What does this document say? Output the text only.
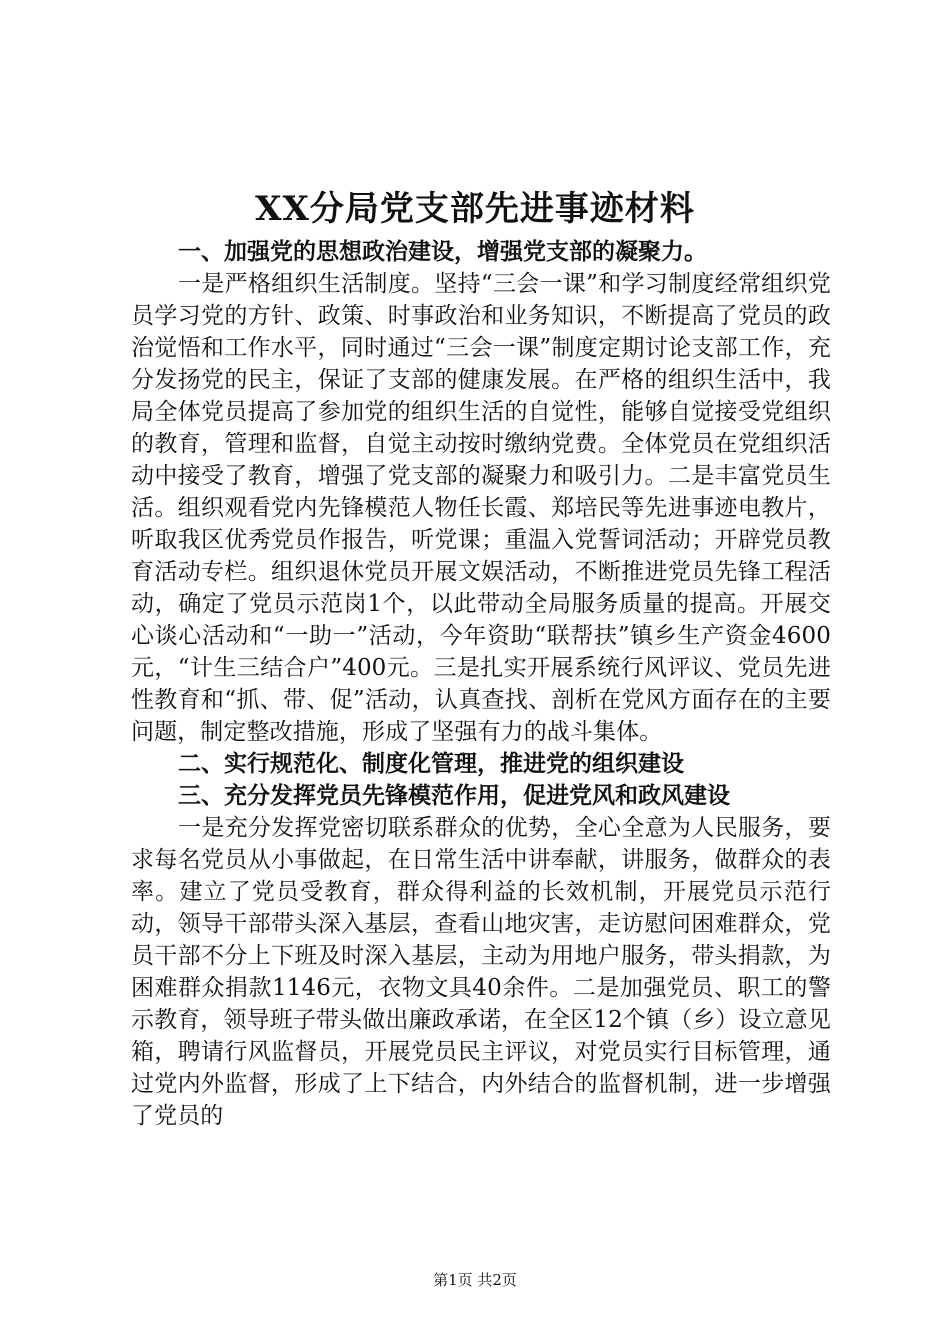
XX分局党支部先进事迹材料
一、加强党的思想政治建设，增强党支部的凝聚力。

一是严格组织生活制度。坚持“三会一课”和学习制度经常组织党员学习党的方针、政策、时事政治和业务知识，不断提高了党员的政治觉悟和工作水平，同时通过“三会一课”制度定期讨论支部工作，充分发扬党的民主，保证了支部的健康发展。在严格的组织生活中，我局全体党员提高了参加党的组织生活的自觉性，能够自觉接受党组织的教育，管理和监督，自觉主动按时缴纳党费。全体党员在党组织活动中接受了教育，增强了党支部的凝聚力和吸引力。二是丰富党员生活。组织观看党内先锋模范人物任长霞、郑培民等先进事迹电教片，听取我区优秀党员作报告，听党课；重温入党誓词活动；开辟党员教育活动专栏。组织退休党员开展文娱活动，不断推进党员先锋工程活动，确定了党员示范岗1个，以此带动全局服务质量的提高。开展交心谈心活动和“一助一”活动，今年资助“联帮扶”镇乡生产资金4600元，“计生三结合户”400元。三是扎实开展系统行风评议、党员先进性教育和“抓、带、促”活动，认真查找、剖析在党风方面存在的主要问题，制定整改措施，形成了坚强有力的战斗集体。

二、实行规范化、制度化管理，推进党的组织建设
三、充分发挥党员先锋模范作用，促进党风和政风建设

一是充分发挥党密切联系群众的优势，全心全意为人民服务，要求每名党员从小事做起，在日常生活中讲奉献，讲服务，做群众的表率。建立了党员受教育，群众得利益的长效机制，开展党员示范行动，领导干部带头深入基层，查看山地灾害，走访慰问困难群众，党员干部不分上下班及时深入基层，主动为用地户服务，带头捐款，为困难群众捐款1146元，衣物文具40余件。二是加强党员、职工的警示教育，领导班子带头做出廉政承诺，在全区12个镇（乡）设立意见箱，聘请行风监督员，开展党员民主评议，对党员实行目标管理，通过党内外监督，形成了上下结合，内外结合的监督机制，进一步增强了党员的

第1页 共2页
